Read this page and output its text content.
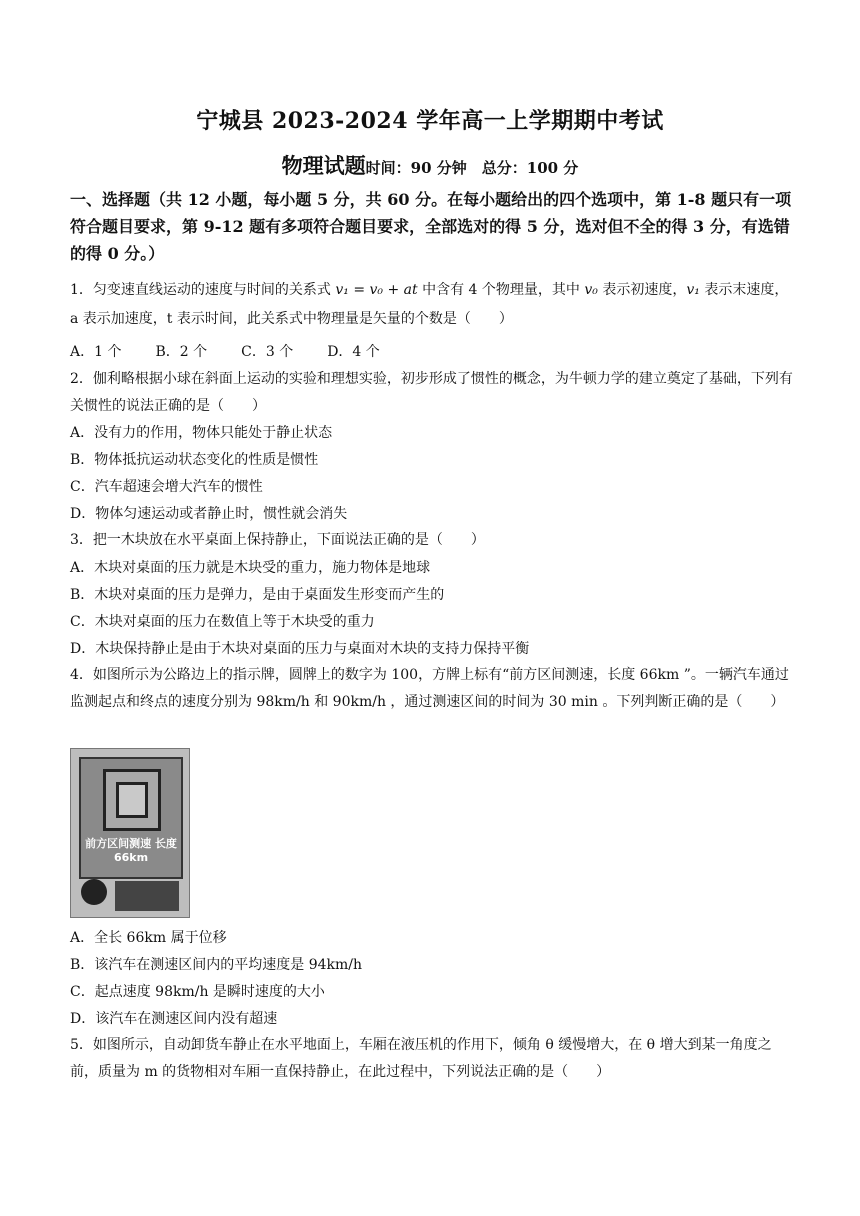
宁城县 2023-2024 学年高一上学期期中考试
物理试题时间：90 分钟　总分：100 分
一、选择题（共 12 小题，每小题 5 分，共 60 分。在每小题给出的四个选项中，第 1-8 题只有一项符合题目要求，第 9-12 题有多项符合题目要求，全部选对的得 5 分，选对但不全的得 3 分，有选错的得 0 分。）
1．匀变速直线运动的速度与时间的关系式 v₁ = v₀ + at 中含有 4 个物理量，其中 v₀ 表示初速度，v₁ 表示末速度，a 表示加速度，t 表示时间，此关系式中物理量是矢量的个数是（　　）
A．1 个 B．2 个 C．3 个 D．4 个
2．伽利略根据小球在斜面上运动的实验和理想实验，初步形成了惯性的概念，为牛顿力学的建立奠定了基础，下列有关惯性的说法正确的是（　　）
A．没有力的作用，物体只能处于静止状态
B．物体抵抗运动状态变化的性质是惯性
C．汽车超速会增大汽车的惯性
D．物体匀速运动或者静止时，惯性就会消失
3．把一木块放在水平桌面上保持静止，下面说法正确的是（　　）
A．木块对桌面的压力就是木块受的重力，施力物体是地球
B．木块对桌面的压力是弹力，是由于桌面发生形变而产生的
C．木块对桌面的压力在数值上等于木块受的重力
D．木块保持静止是由于木块对桌面的压力与桌面对木块的支持力保持平衡
4．如图所示为公路边上的指示牌，圆牌上的数字为 100，方牌上标有“前方区间测速，长度 66km ”。一辆汽车通过监测起点和终点的速度分别为 98km/h 和 90km/h ，通过测速区间的时间为 30 min 。下列判断正确的是（　　）
前方区间测速 长度66km
A．全长 66km 属于位移
B．该汽车在测速区间内的平均速度是 94km/h
C．起点速度 98km/h 是瞬时速度的大小
D．该汽车在测速区间内没有超速
5．如图所示，自动卸货车静止在水平地面上，车厢在液压机的作用下，倾角 θ 缓慢增大，在 θ 增大到某一角度之前，质量为 m 的货物相对车厢一直保持静止，在此过程中，下列说法正确的是（　　）
